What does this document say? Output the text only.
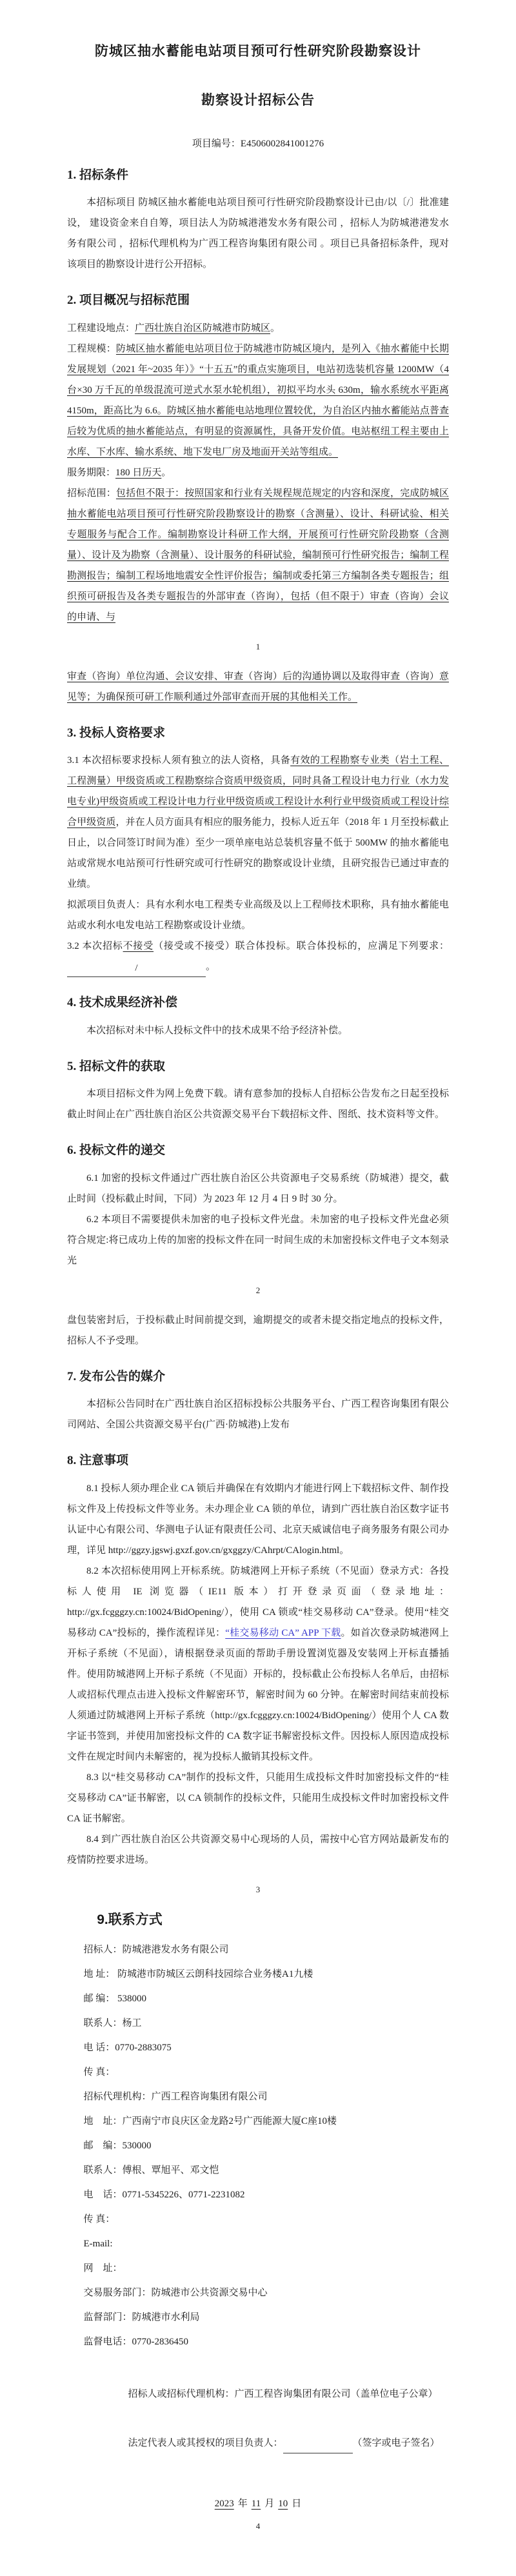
防城区抽水蓄能电站项目预可行性研究阶段勘察设计
勘察设计招标公告

项目编号：E4506002841001276

1. 招标条件

本招标项目 防城区抽水蓄能电站项目预可行性研究阶段勘察设计已由/以〔/〕批准建设， 建设资金来自自筹，项目法人为防城港港发水务有限公司 ，招标人为防城港港发水务有限公司 ，招标代理机构为广西工程咨询集团有限公司 。项目已具备招标条件，现对该项目的勘察设计进行公开招标。

2. 项目概况与招标范围

工程建设地点：广西壮族自治区防城港市防城区。

工程规模：防城区抽水蓄能电站项目位于防城港市防城区境内，是列入《抽水蓄能中长期发展规划（2021 年~2035 年）》“十五五”的重点实施项目，电站初选装机容量 1200MW（4 台×30 万千瓦的单级混流可逆式水泵水轮机组），初拟平均水头 630m，输水系统水平距离 4150m，距高比为 6.6。防城区抽水蓄能电站地理位置较优，为自治区内抽水蓄能站点普查后较为优质的抽水蓄能站点，有明显的资源属性，具备开发价值。电站枢纽工程主要由上水库、下水库、输水系统、地下发电厂房及地面开关站等组成。

服务期限：180 日历天。

招标范围：包括但不限于：按照国家和行业有关规程规范规定的内容和深度，完成防城区抽水蓄能电站项目预可行性研究阶段勘察设计的勘察（含测量）、设计、科研试验、相关专题服务与配合工作。编制勘察设计科研工作大纲，开展预可行性研究阶段勘察（含测量）、设计及为勘察（含测量）、设计服务的科研试验，编制预可行性研究报告；编制工程勘测报告；编制工程场地地震安全性评价报告；编制或委托第三方编制各类专题报告；组织预可研报告及各类专题报告的外部审查（咨询），包括（但不限于）审查（咨询）会议的申请、与

1

审查（咨询）单位沟通、会议安排、审查（咨询）后的沟通协调以及取得审查（咨询）意见等；为确保预可研工作顺利通过外部审查而开展的其他相关工作。

3. 投标人资格要求

3.1 本次招标要求投标人须有独立的法人资格，具备有效的工程勘察专业类（岩土工程、工程测量）甲级资质或工程勘察综合资质甲级资质，同时具备工程设计电力行业（水力发电专业)甲级资质或工程设计电力行业甲级资质或工程设计水利行业甲级资质或工程设计综合甲级资质，并在人员方面具有相应的服务能力，投标人近五年（2018 年 1 月至投标截止日止，以合同签订时间为准）至少一项单座电站总装机容量不低于 500MW 的抽水蓄能电站或常规水电站预可行性研究或可行性研究的勘察或设计业绩，且研究报告已通过审查的业绩。

拟派项目负责人：具有水利水电工程类专业高级及以上工程师技术职称，具有抽水蓄能电站或水利水电发电站工程勘察或设计业绩。

3.2 本次招标不接受（接受或不接受）联合体投标。联合体投标的，应满足下列要求：/	。

4. 技术成果经济补偿

本次招标对未中标人投标文件中的技术成果不给予经济补偿。

5. 招标文件的获取

本项目招标文件为网上免费下载。请有意参加的投标人自招标公告发布之日起至投标截止时间止在广西壮族自治区公共资源交易平台下载招标文件、图纸、技术资料等文件。

6. 投标文件的递交

6.1 加密的投标文件通过广西壮族自治区公共资源电子交易系统（防城港）提交，截止时间（投标截止时间，下同）为 2023 年 12 月 4 日 9 时 30 分。

6.2 本项目不需要提供未加密的电子投标文件光盘。未加密的电子投标文件光盘必须符合规定:将已成功上传的加密的投标文件在同一时间生成的未加密投标文件电子文本刻录光

2

盘包装密封后，于投标截止时间前提交到，逾期提交的或者未提交指定地点的投标文件，招标人不予受理。

7. 发布公告的媒介

本招标公告同时在广西壮族自治区招标投标公共服务平台、广西工程咨询集团有限公司网站、全国公共资源交易平台(广西·防城港)上发布

8. 注意事项

8.1 投标人须办理企业 CA 锁后并确保在有效期内才能进行网上下载招标文件、制作投标文件及上传投标文件等业务。未办理企业 CA 锁的单位，请到广西壮族自治区数字证书认证中心有限公司、华测电子认证有限责任公司、北京天威诚信电子商务服务有限公司办理，详见 http://ggzy.jgswj.gxzf.gov.cn/gxggzy/CAhrpt/CAlogin.html。

8.2 本次招标使用网上开标系统。防城港网上开标子系统（不见面）登录方式：各投标人使用 IE 浏览器（IE11 版本）打开登录页面（登录地址：http://gx.fcgggzy.cn:10024/BidOpening/），使用 CA 锁或“桂交易移动 CA”登录。使用“桂交易移动 CA”投标的，操作流程详见：“桂交易移动 CA” APP 下载。如首次登录防城港网上开标子系统（不见面），请根据登录页面的帮助手册设置浏览器及安装网上开标直播插件。使用防城港网上开标子系统（不见面）开标的，投标截止公布投标人名单后，由招标人或招标代理点击进入投标文件解密环节，解密时间为 60 分钟。在解密时间结束前投标人须通过防城港网上开标子系统（http://gx.fcgggzy.cn:10024/BidOpening/）使用个人 CA 数字证书签到，并使用加密投标文件的 CA 数字证书解密投标文件。因投标人原因造成投标文件在规定时间内未解密的，视为投标人撤销其投标文件。

8.3 以“桂交易移动 CA”制作的投标文件，只能用生成投标文件时加密投标文件的“桂交易移动 CA”证书解密，以 CA 锁制作的投标文件，只能用生成投标文件时加密投标文件 CA 证书解密。

8.4 到广西壮族自治区公共资源交易中心现场的人员，需按中心官方网站最新发布的疫情防控要求进场。

3
9.联系方式

招标人：防城港港发水务有限公司

地 址： 防城港市防城区云朗科技园综合业务楼A1九楼

邮 编： 538000

联系人：杨工

电 话：0770-2883075

传 真：

招标代理机构：广西工程咨询集团有限公司

地　址：广西南宁市良庆区金龙路2号广西能源大厦C座10楼

邮　编：530000

联系人：傅根、覃旭平、邓文恺

电　话：0771-5345226、0771-2231082

传 真：

E-mail:

网　址：

交易服务部门：防城港市公共资源交易中心

监督部门：防城港市水利局

监督电话：0770-2836450

招标人或招标代理机构：广西工程咨询集团有限公司（盖单位电子公章）

法定代表人或其授权的项目负责人：	（签字或电子签名）

2023 年 11 月 10 日

4
